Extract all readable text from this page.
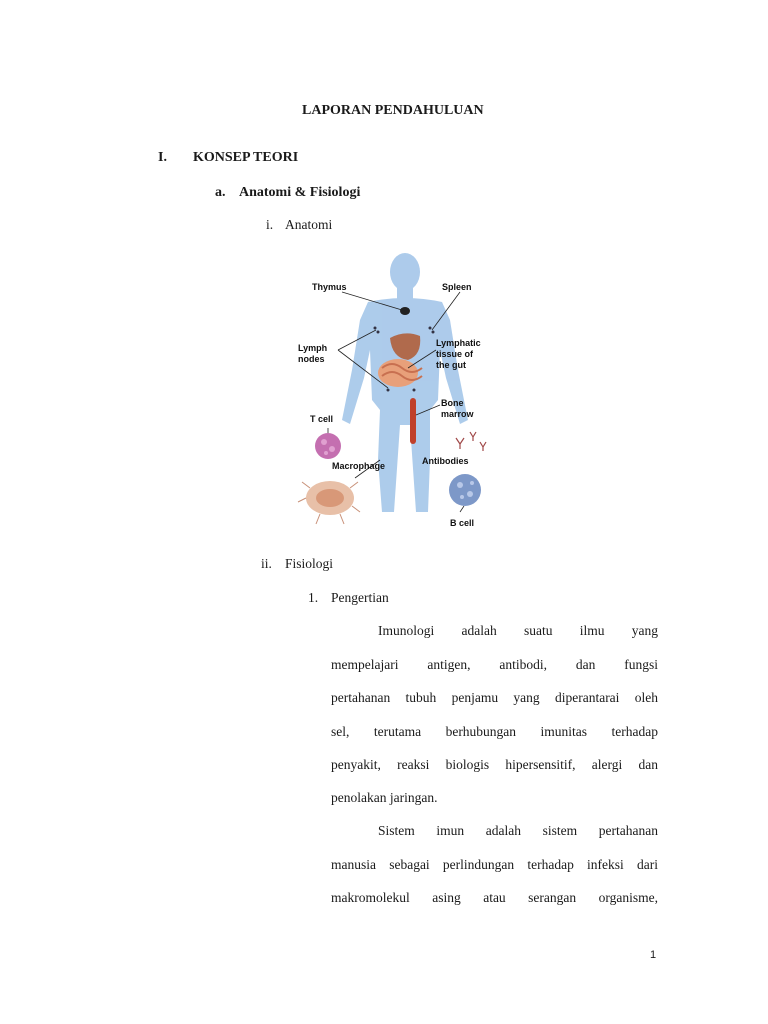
LAPORAN PENDAHULUAN
I. KONSEP TEORI
a. Anatomi & Fisiologi
i. Anatomi
Thymus	Spleen
Lymph
nodes
Lymphatic
tissue of
the gut
Bone
marrow
T cell
Antibodies
Macrophage
B cell
ii. Fisiologi
1. Pengertian
Imunologi adalah suatu ilmu yang
mempelajari antigen, antibodi, dan fungsi
pertahanan tubuh penjamu yang diperantarai oleh
sel, terutama berhubungan imunitas terhadap
penyakit, reaksi biologis hipersensitif, alergi dan
penolakan jaringan.
Sistem imun adalah sistem pertahanan
manusia sebagai perlindungan terhadap infeksi dari
makromolekul asing atau serangan organisme,
1
